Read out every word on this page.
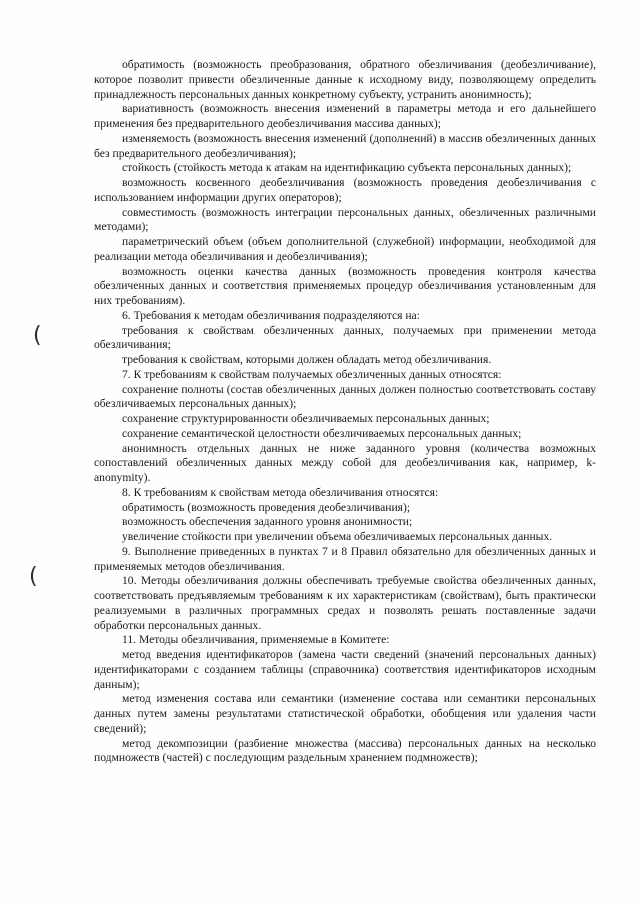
(
(

обратимость (возможность преобразования, обратного обезличивания (деобезличивание), которое позволит привести обезличенные данные к исходному виду, позволяющему определить принадлежность персональных данных конкретному субъекту, устранить анонимность);

вариативность (возможность внесения изменений в параметры метода и его дальнейшего применения без предварительного деобезличивания массива данных);

изменяемость (возможность внесения изменений (дополнений) в массив обезличенных данных без предварительного деобезличивания);

стойкость (стойкость метода к атакам на идентификацию субъекта персональных данных);

возможность косвенного деобезличивания (возможность проведения деобезличивания с использованием информации других операторов);

совместимость (возможность интеграции персональных данных, обезличенных различными методами);

параметрический объем (объем дополнительной (служебной) информации, необходимой для реализации метода обезличивания и деобезличивания);

возможность оценки качества данных (возможность проведения контроля качества обезличенных данных и соответствия применяемых процедур обезличивания установленным для них требованиям).

6. Требования к методам обезличивания подразделяются на:

требования к свойствам обезличенных данных, получаемых при применении метода обезличивания;

требования к свойствам, которыми должен обладать метод обезличивания.

7. К требованиям к свойствам получаемых обезличенных данных относятся:

сохранение полноты (состав обезличенных данных должен полностью соответствовать составу обезличиваемых персональных данных);

сохранение структурированности обезличиваемых персональных данных;

сохранение семантической целостности обезличиваемых персональных данных;

анонимность отдельных данных не ниже заданного уровня (количества возможных сопоставлений обезличенных данных между собой для деобезличивания как, например, k-anonymity).

8. К требованиям к свойствам метода обезличивания относятся:

обратимость (возможность проведения деобезличивания);

возможность обеспечения заданного уровня анонимности;

увеличение стойкости при увеличении объема обезличиваемых персональных данных.

9. Выполнение приведенных в пунктах 7 и 8 Правил обязательно для обезличенных данных и применяемых методов обезличивания.

10. Методы обезличивания должны обеспечивать требуемые свойства обезличенных данных, соответствовать предъявляемым требованиям к их характеристикам (свойствам), быть практически реализуемыми в различных программных средах и позволять решать поставленные задачи обработки персональных данных.

11. Методы обезличивания, применяемые в Комитете:

метод введения идентификаторов (замена части сведений (значений персональных данных) идентификаторами с созданием таблицы (справочника) соответствия идентификаторов исходным данным);

метод изменения состава или семантики (изменение состава или семантики персональных данных путем замены результатами статистической обработки, обобщения или удаления части сведений);

метод декомпозиции (разбиение множества (массива) персональных данных на несколько подмножеств (частей) с последующим раздельным хранением подмножеств);
